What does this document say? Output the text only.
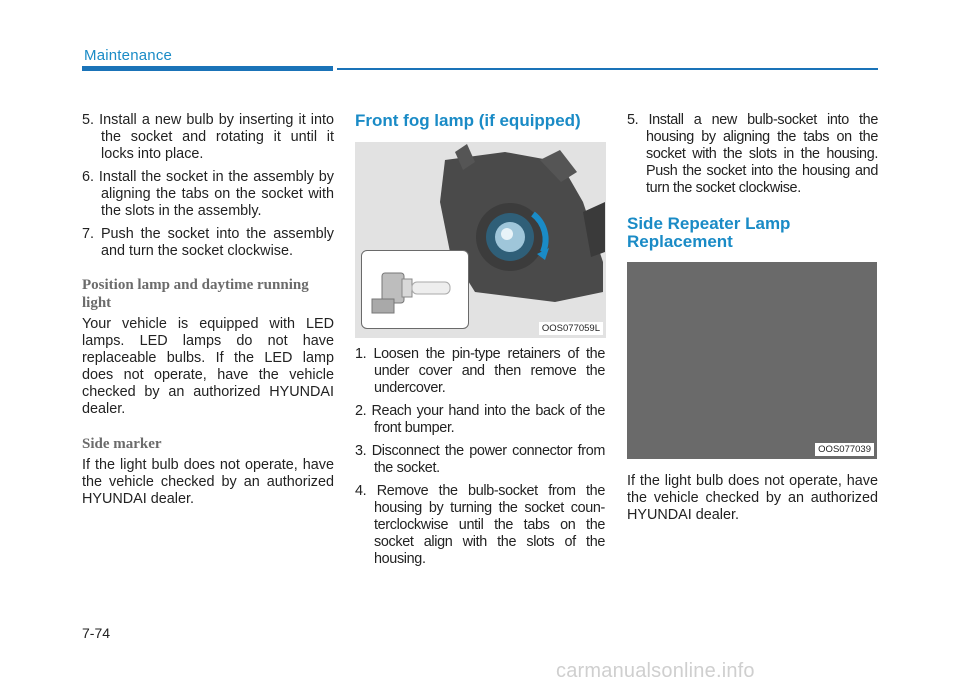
Maintenance
5. Install a new bulb by inserting it into the socket and rotating it until it locks into place.
6. Install the socket in the assembly by aligning the tabs on the socket with the slots in the assembly.
7. Push the socket into the assembly and turn the socket clockwise.
Position lamp and daytime running light

Your vehicle is equipped with LED lamps. LED lamps do not have replaceable bulbs. If the LED lamp does not operate, have the vehicle checked by an authorized HYUNDAI dealer.

Side marker

If the light bulb does not operate, have the vehicle checked by an authorized HYUNDAI dealer.

Front fog lamp (if equipped)
OOS077059L
1. Loosen the pin-type retainers of the under cover and then remove the undercover.
2. Reach your hand into the back of the front bumper.
3. Disconnect the power connector from the socket.
4. Remove the bulb-socket from the housing by turning the socket coun-terclockwise until the tabs on the socket align with the slots of the housing.
5. Install a new bulb-socket into the housing by aligning the tabs on the socket with the slots in the housing. Push the socket into the housing and turn the socket clockwise.
Side Repeater Lamp Replacement
OOS077039

If the light bulb does not operate, have the vehicle checked by an authorized HYUNDAI dealer.

7-74
carmanualsonline.info
